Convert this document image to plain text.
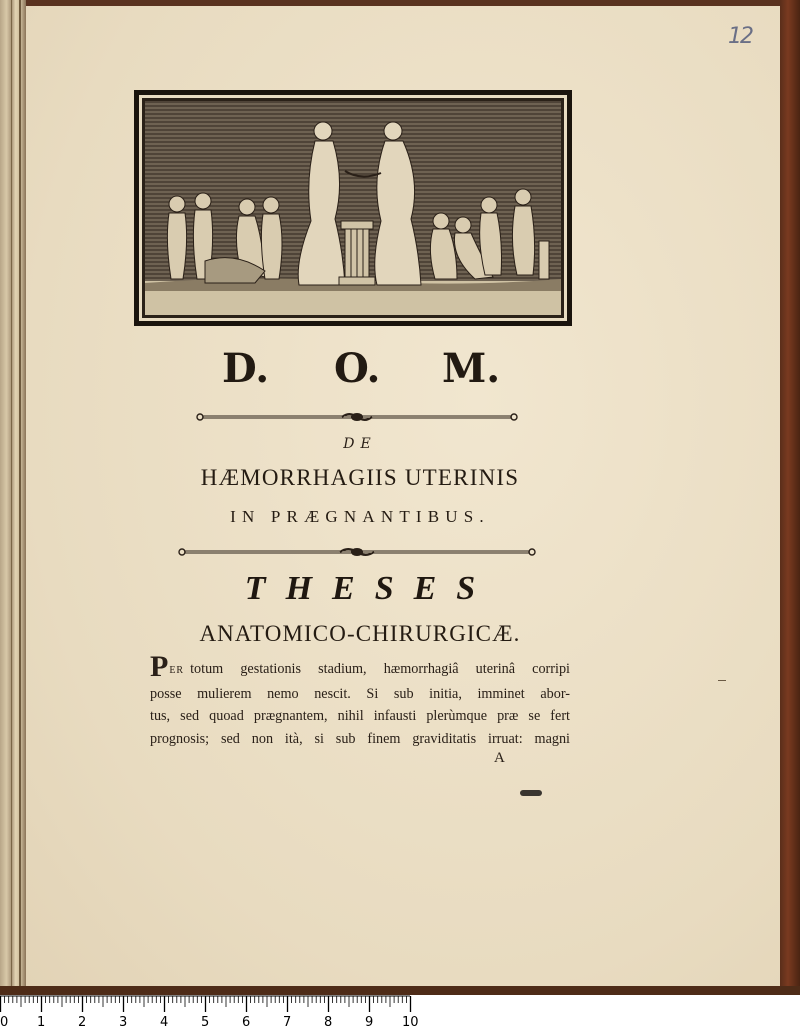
12
D. O. M.
DE
HÆMORRHAGIIS UTERINIS
IN PRÆGNANTIBUS.
THESES
ANATOMICO-CHIRURGICÆ.
PER totum gestationis stadium, hæmorrhagiâ uterinâ corripi
posse mulierem nemo nescit. Si sub initia, imminet abor-
tus, sed quoad prægnantem, nihil infausti plerùmque præ se fert
prognosis; sed non ità, si sub finem graviditatis irruat: magni
A
0 1	2	3	4	5	6	7	8	9 10
